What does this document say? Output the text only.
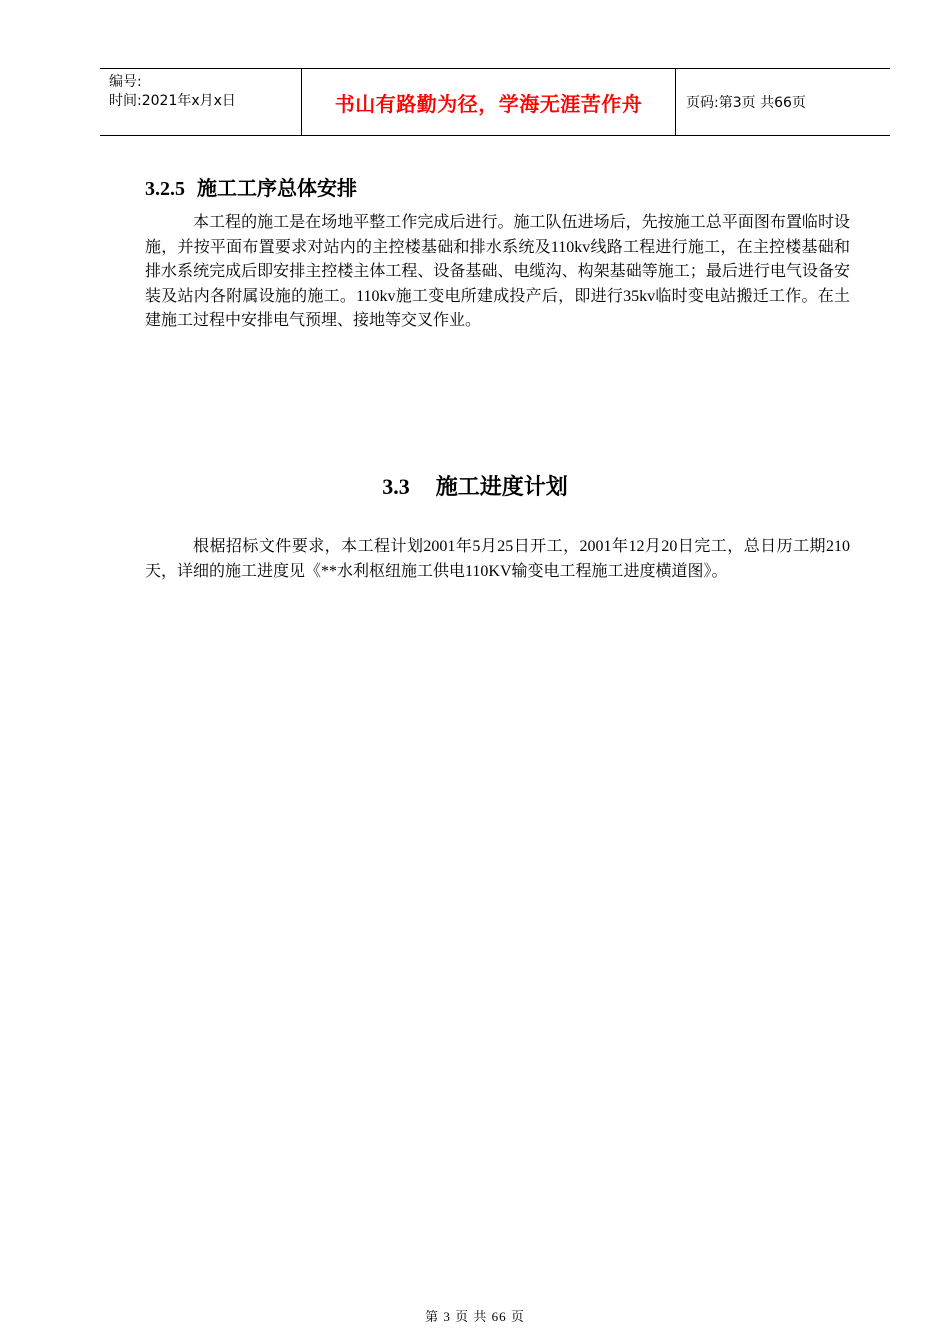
编号:
时间:2021年x月x日	书山有路勤为径，学海无涯苦作舟	页码:第3页 共66页
3.2.5 施工工序总体安排
本工程的施工是在场地平整工作完成后进行。施工队伍进场后，先按施工总平面图布置临时设施，并按平面布置要求对站内的主控楼基础和排水系统及110kv线路工程进行施工，在主控楼基础和排水系统完成后即安排主控楼主体工程、设备基础、电缆沟、构架基础等施工；最后进行电气设备安装及站内各附属设施的施工。110kv施工变电所建成投产后，即进行35kv临时变电站搬迁工作。在土建施工过程中安排电气预埋、接地等交叉作业。
3.3 施工进度计划
根椐招标文件要求，本工程计划2001年5月25日开工，2001年12月20日完工，总日历工期210天，详细的施工进度见《**水利枢纽施工供电110KV输变电工程施工进度横道图》。
第 3 页 共 66 页
